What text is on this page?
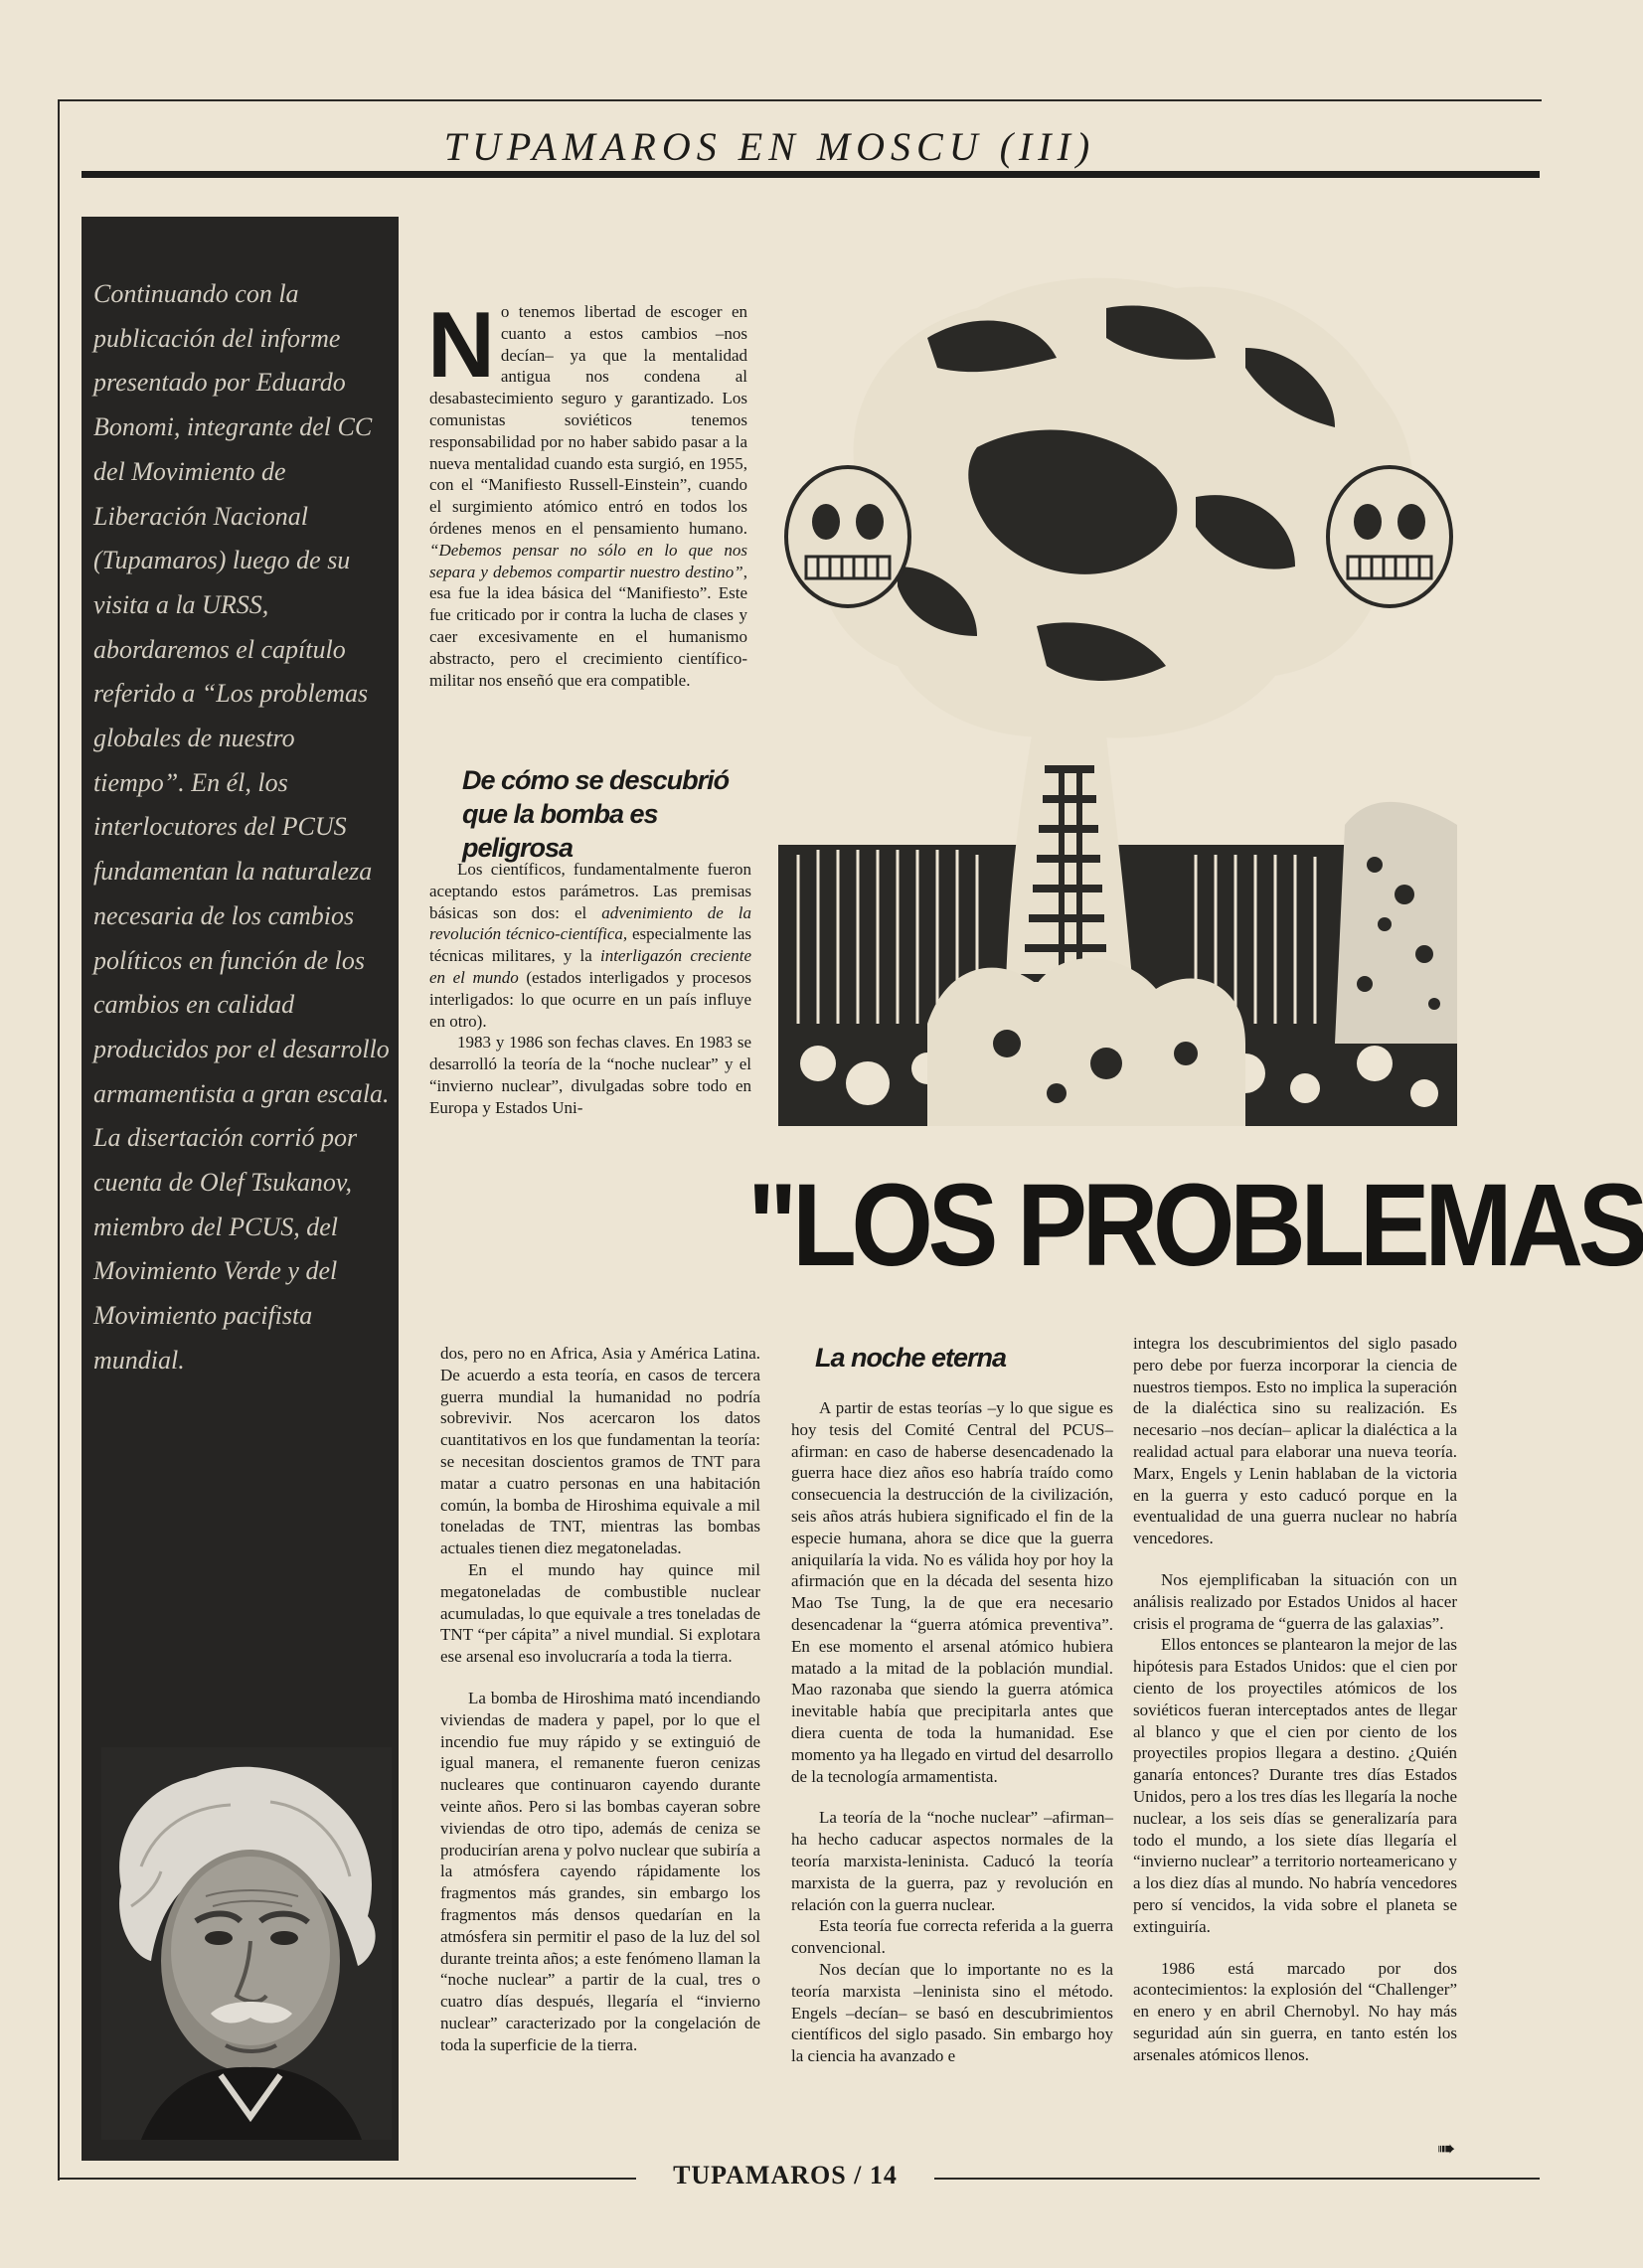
TUPAMAROS EN MOSCU (III)
Continuando con la publicación del informe presentado por Eduardo Bonomi, integrante del CC del Movimiento de Liberación Nacional (Tupamaros) luego de su visita a la URSS, abordaremos el capítulo referido a “Los problemas globales de nuestro tiempo”. En él, los interlocutores del PCUS fundamentan la naturaleza necesaria de los cambios políticos en función de los cambios en calidad producidos por el desarrollo armamentista a gran escala. La disertación corrió por cuenta de Olef Tsukanov, miembro del PCUS, del Movimiento Verde y del Movimiento pacifista mundial.

No tenemos libertad de escoger en cuanto a estos cambios –nos decían– ya que la mentalidad antigua nos condena al desabastecimiento seguro y garantizado. Los comunistas soviéticos tenemos responsabilidad por no haber sabido pasar a la nueva mentalidad cuando esta surgió, en 1955, con el “Manifiesto Russell-Einstein”, cuando el surgimiento atómico entró en todos los órdenes menos en el pensamiento humano. “Debemos pensar no sólo en lo que nos separa y debemos compartir nuestro destino”, esa fue la idea básica del “Manifiesto”. Este fue criticado por ir contra la lucha de clases y caer excesivamente en el humanismo abstracto, pero el crecimiento científico-militar nos enseñó que era compatible.

De cómo se descubrió que la bomba es peligrosa

Los científicos, fundamentalmente fueron aceptando estos parámetros. Las premisas básicas son dos: el advenimiento de la revolución técnico-científica, especialmente las técnicas militares, y la interligazón creciente en el mundo (estados interligados y procesos interligados: lo que ocurre en un país influye en otro).

1983 y 1986 son fechas claves. En 1983 se desarrolló la teoría de la “noche nuclear” y el “invierno nuclear”, divulgadas sobre todo en Europa y Estados Uni-

"LOS PROBLEMAS

dos, pero no en Africa, Asia y América Latina. De acuerdo a esta teoría, en casos de tercera guerra mundial la humanidad no podría sobrevivir. Nos acercaron los datos cuantitativos en los que fundamentan la teoría: se necesitan doscientos gramos de TNT para matar a cuatro personas en una habitación común, la bomba de Hiroshima equivale a mil toneladas de TNT, mientras las bombas actuales tienen diez megatoneladas.

En el mundo hay quince mil megatoneladas de combustible nuclear acumuladas, lo que equivale a tres toneladas de TNT “per cápita” a nivel mundial. Si explotara ese arsenal eso involucraría a toda la tierra.

La bomba de Hiroshima mató incendiando viviendas de madera y papel, por lo que el incendio fue muy rápido y se extinguió de igual manera, el remanente fueron cenizas nucleares que continuaron cayendo durante veinte años. Pero si las bombas cayeran sobre viviendas de otro tipo, además de ceniza se producirían arena y polvo nuclear que subiría a la atmósfera cayendo rápidamente los fragmentos más grandes, sin embargo los fragmentos más densos quedarían en la atmósfera sin permitir el paso de la luz del sol durante treinta años; a este fenómeno llaman la “noche nuclear” a partir de la cual, tres o cuatro días después, llegaría el “invierno nuclear” caracterizado por la congelación de toda la superficie de la tierra.

La noche eterna

A partir de estas teorías –y lo que sigue es hoy tesis del Comité Central del PCUS– afirman: en caso de haberse desencadenado la guerra hace diez años eso habría traído como consecuencia la destrucción de la civilización, seis años atrás hubiera significado el fin de la especie humana, ahora se dice que la guerra aniquilaría la vida. No es válida hoy por hoy la afirmación que en la década del sesenta hizo Mao Tse Tung, la de que era necesario desencadenar la “guerra atómica preventiva”. En ese momento el arsenal atómico hubiera matado a la mitad de la población mundial. Mao razonaba que siendo la guerra atómica inevitable había que precipitarla antes que diera cuenta de toda la humanidad. Ese momento ya ha llegado en virtud del desarrollo de la tecnología armamentista.

La teoría de la “noche nuclear” –afirman– ha hecho caducar aspectos normales de la teoría marxista-leninista. Caducó la teoría marxista de la guerra, paz y revolución en relación con la guerra nuclear.

Esta teoría fue correcta referida a la guerra convencional.

Nos decían que lo importante no es la teoría marxista –leninista sino el método. Engels –decían– se basó en descubrimientos científicos del siglo pasado. Sin embargo hoy la ciencia ha avanzado e

integra los descubrimientos del siglo pasado pero debe por fuerza incorporar la ciencia de nuestros tiempos. Esto no implica la superación de la dialéctica sino su realización. Es necesario –nos decían– aplicar la dialéctica a la realidad actual para elaborar una nueva teoría. Marx, Engels y Lenin hablaban de la victoria en la guerra y esto caducó porque en la eventualidad de una guerra nuclear no habría vencedores.

Nos ejemplificaban la situación con un análisis realizado por Estados Unidos al hacer crisis el programa de “guerra de las galaxias”.

Ellos entonces se plantearon la mejor de las hipótesis para Estados Unidos: que el cien por ciento de los proyectiles atómicos de los soviéticos fueran interceptados antes de llegar al blanco y que el cien por ciento de los proyectiles propios llegara a destino. ¿Quién ganaría entonces? Durante tres días Estados Unidos, pero a los tres días les llegaría la noche nuclear, a los seis días se generalizaría para todo el mundo, a los siete días llegaría el “invierno nuclear” a territorio norteamericano y a los diez días al mundo. No habría vencedores pero sí vencidos, la vida sobre el planeta se extinguiría.

1986 está marcado por dos acontecimientos: la explosión del “Challenger” en enero y en abril Chernobyl. No hay más seguridad aún sin guerra, en tanto estén los arsenales atómicos llenos.

➠
TUPAMAROS / 14
